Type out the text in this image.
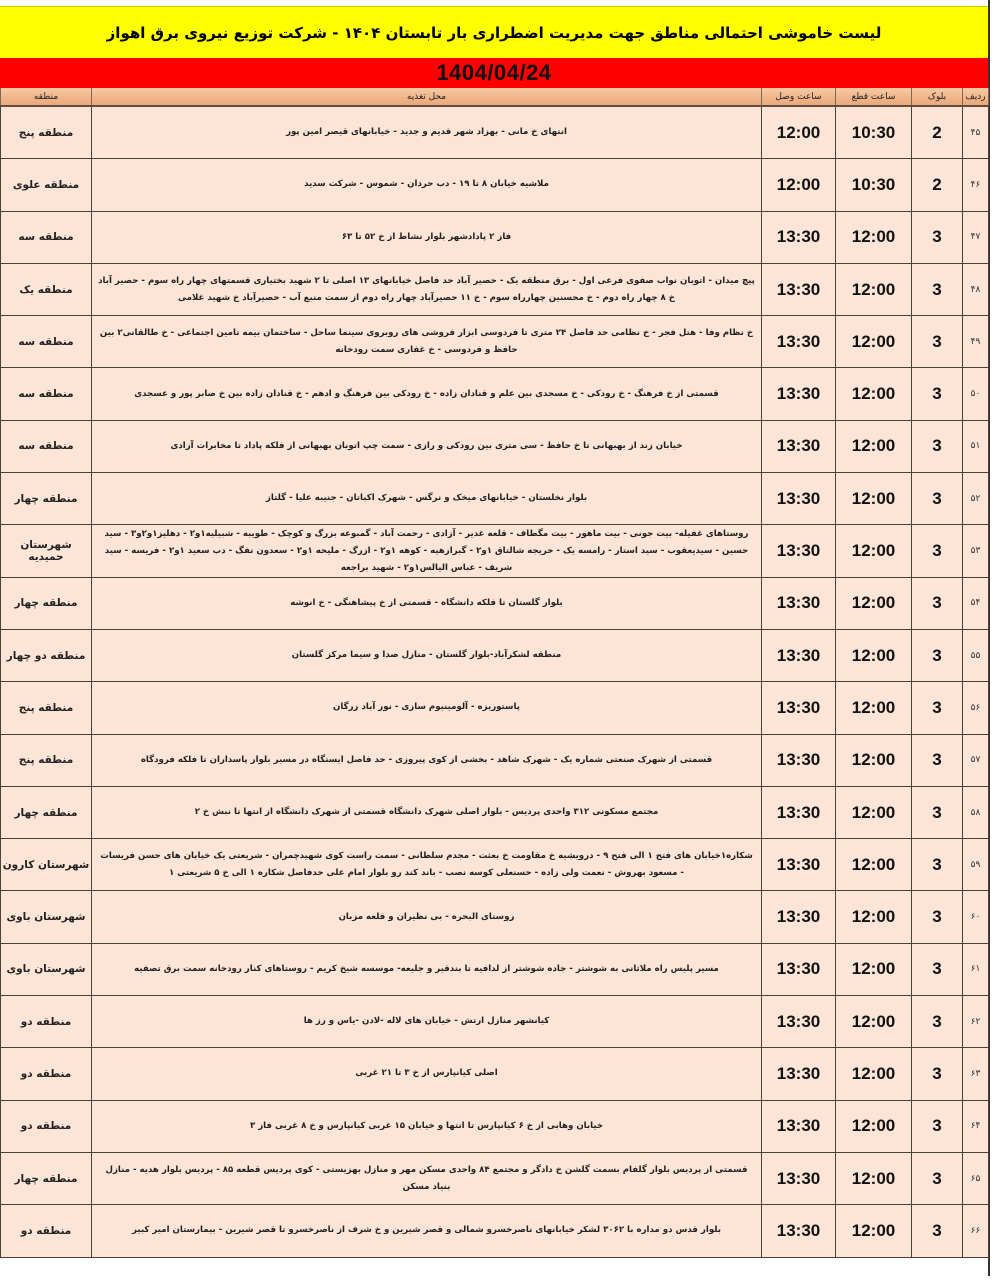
لیست خاموشی احتمالی مناطق جهت مدیریت اضطراری بار تابستان ۱۴۰۴ - شرکت توزیع نیروی برق اهواز
1404/04/24
ردیف	بلوک	ساعت قطع	ساعت وصل	محل تغذیه	منطقه
۴۵	2	10:30	12:00	انتهای خ مانی - بهزاد شهر قدیم و جدید - خیابانهای قیصر امین پور	منطقه پنج
۴۶	2	10:30	12:00	ملاشیه خیابان ۸ تا ۱۹ - دب حردان - شموس - شرکت سدید	منطقه علوی
۴۷	3	12:00	13:30	فاز ۲ پادادشهر بلوار نشاط از خ ۵۲ تا ۶۳	منطقه سه
۴۸	3	12:00	13:30	پیچ میدان - اتوبان نواب صفوی فرعی اول - برق منطقه یک - حصیر آباد حد فاصل خیابانهای ۱۳ اصلی تا ۲ شهید بختیاری قسمتهای چهار راه سوم - حصیر آباد خ ۸ چهار راه دوم - خ محسنین چهارراه سوم - خ ۱۱ حصیرآباد چهار راه دوم از سمت منبع آب - حصیرآباد خ شهید غلامی	منطقه یک
۴۹	3	12:00	13:30	خ نظام وفا - هتل فجر - خ نظامی حد فاصل ۲۴ متری تا فردوسی ابزار فروشی های روبروی سینما ساحل - ساختمان بیمه تامین اجتماعی - خ طالقانی۲ بین حافظ و فردوسی - خ غفاری سمت رودخانه	منطقه سه
۵۰	3	12:00	13:30	قسمتی از خ فرهنگ - خ رودکی - خ مسجدی بین علم و قنادان زاده - خ رودکی بین فرهنگ و ادهم - خ قنادان زاده بین خ صابر پور و عسجدی	منطقه سه
۵۱	3	12:00	13:30	خیابان زند از بهبهانی تا خ حافظ - سی متری بین رودکی و رازی - سمت چپ اتوبان بهبهانی از فلکه پاداد تا مخابرات آزادی	منطقه سه
۵۲	3	12:00	13:30	بلوار نخلستان - خیابانهای میخک و نرگس - شهرک اکباتان - جنیبه علیا - گلتاز	منطقه چهار
۵۳	3	12:00	13:30	روستاهای غفیله- بیت جونی - بیت ماهور - بیت مگطاف - قلعه غدیر - آزادی - رحمت آباد - گمبوعه بزرگ و کوچک - طویبه - شبیلیه۱و۲ - دهلیز۱و۲و۳ - سید حسین - سیدیعقوب - سید استار - رامسه یک - حریجه شالتاق ۱و۲ - گبرازهیه - کوهه ۱و۲ - ازرگ - ملیحه ۱و۲ - سعدون نفگ - دب سعید ۱و۲ - فریسه - سید شریف - عباس الیالس۱و۲ - شهید براجعه	شهرستان حمیدیه
۵۴	3	12:00	13:30	بلوار گلستان تا فلکه دانشگاه - قسمتی از خ پیشاهنگی - خ انوشه	منطقه چهار
۵۵	3	12:00	13:30	منطقه لشکرآباد-بلوار گلستان - منازل صدا و سیما مرکز گلستان	منطقه دو چهار
۵۶	3	12:00	13:30	پاستوریزه - آلومینیوم سازی - نور آباد زرگان	منطقه پنج
۵۷	3	12:00	13:30	قسمتی از شهرک صنعتی شماره یک - شهرک شاهد - بخشی از کوی پیروزی - حد فاصل ایستگاه در مسیر بلوار پاسداران تا فلکه فرودگاه	منطقه پنج
۵۸	3	12:00	13:30	مجتمع مسکونی ۳۱۲ واحدی پردیس - بلوار اصلی شهرک دانشگاه قسمتی از شهرک دانشگاه از انتها تا نبش خ ۲	منطقه چهار
۵۹	3	12:00	13:30	شکاره۱خیابان های فتح ۱ الی فتح ۹ - درویشیه خ مقاومت خ بعثت - مجدم سلطانی - سمت راست کوی شهیدچمران - شریعتی یک خیابان های حسن فریسات - مسعود بهروش - نعمت ولی زاده - حسنعلی کوسه نصب - باند کند رو بلوار امام علی حدفاصل شکاره ۱ الی خ ۵ شریعتی ۱	شهرستان کارون
۶۰	3	12:00	13:30	روستای البحره - بی نظیران و قلعه مزبان	شهرستان باوی
۶۱	3	12:00	13:30	مسیر پلیس راه ملاثانی به شوشتر - جاده شوشتر از لدافیه تا بندقیر و جلیعه- موسسه شیخ کریم - روستاهای کنار رودخانه سمت برق تصفیه	شهرستان باوی
۶۲	3	12:00	13:30	کیانشهر منازل ارتش - خیابان های لاله -لادن -یاس و رز ها	منطقه دو
۶۳	3	12:00	13:30	اصلی کیانپارس از خ ۳ تا ۲۱ غربی	منطقه دو
۶۴	3	12:00	13:30	خیابان وهابی از خ ۶ کیانپارس تا انتها و خیابان ۱۵ غربی کیانپارس و خ ۸ غربی فاز ۳	منطقه دو
۶۵	3	12:00	13:30	قسمتی از پردیس بلوار گلفام بسمت گلشن خ دادگر و مجتمع ۸۴ واحدی مسکن مهر و منازل بهزیستی - کوی پردیس قطعه ۸۵ - پردیس بلوار هدیه - منازل بنیاد مسکن	منطقه چهار
۶۶	3	12:00	13:30	بلوار قدس دو مداره با ۳۰۶۲ لشکر خیابانهای ناصرخسرو شمالی و قصر شیرین و خ شرف از ناصرخسرو تا قصر شیرین - بیمارستان امیر کبیر	منطقه دو
